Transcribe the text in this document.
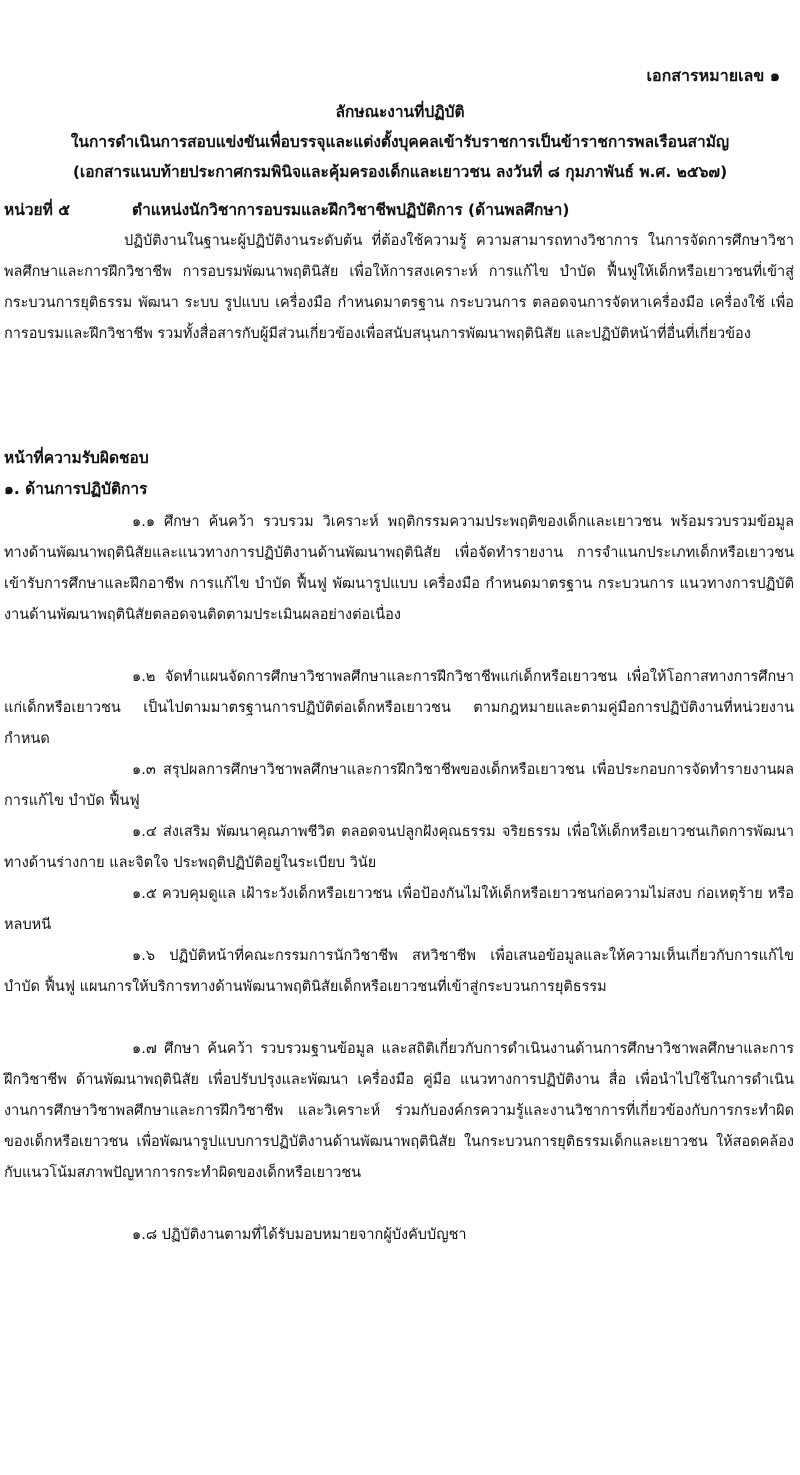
เอกสารหมายเลข ๑
ลักษณะงานที่ปฏิบัติ
ในการดำเนินการสอบแข่งขันเพื่อบรรจุและแต่งตั้งบุคคลเข้ารับราชการเป็นข้าราชการพลเรือนสามัญ
(เอกสารแนบท้ายประกาศกรมพินิจและคุ้มครองเด็กและเยาวชน ลงวันที่ ๘ กุมภาพันธ์ พ.ศ. ๒๕๖๗)
หน่วยที่ ๕	ตำแหน่งนักวิชาการอบรมและฝึกวิชาชีพปฏิบัติการ (ด้านพลศึกษา)
ปฏิบัติงานในฐานะผู้ปฏิบัติงานระดับต้น ที่ต้องใช้ความรู้ ความสามารถทางวิชาการ ในการจัดการศึกษาวิชาพลศึกษาและการฝึกวิชาชีพ การอบรมพัฒนาพฤตินิสัย เพื่อให้การสงเคราะห์ การแก้ไข บำบัด ฟื้นฟูให้เด็กหรือเยาวชนที่เข้าสู่กระบวนการยุติธรรม พัฒนา ระบบ รูปแบบ เครื่องมือ กำหนดมาตรฐาน กระบวนการ ตลอดจนการจัดหาเครื่องมือ เครื่องใช้ เพื่อการอบรมและฝึกวิชาชีพ รวมทั้งสื่อสารกับผู้มีส่วนเกี่ยวข้องเพื่อสนับสนุนการพัฒนาพฤตินิสัย และปฏิบัติหน้าที่อื่นที่เกี่ยวข้อง
หน้าที่ความรับผิดชอบ
๑. ด้านการปฏิบัติการ
๑.๑ ศึกษา ค้นคว้า รวบรวม วิเคราะห์ พฤติกรรมความประพฤติของเด็กและเยาวชน พร้อมรวบรวมข้อมูล ทางด้านพัฒนาพฤตินิสัยและแนวทางการปฏิบัติงานด้านพัฒนาพฤตินิสัย เพื่อจัดทำรายงาน การจำแนกประเภทเด็กหรือเยาวชนเข้ารับการศึกษาและฝึกอาชีพ การแก้ไข บำบัด ฟื้นฟู พัฒนารูปแบบ เครื่องมือ กำหนดมาตรฐาน กระบวนการ แนวทางการปฏิบัติงานด้านพัฒนาพฤตินิสัยตลอดจนติดตามประเมินผลอย่างต่อเนื่อง
๑.๒ จัดทำแผนจัดการศึกษาวิชาพลศึกษาและการฝึกวิชาชีพแก่เด็กหรือเยาวชน เพื่อให้โอกาสทางการศึกษาแก่เด็กหรือเยาวชน เป็นไปตามมาตรฐานการปฏิบัติต่อเด็กหรือเยาวชน ตามกฎหมายและตามคู่มือการปฏิบัติงานที่หน่วยงานกำหนด
๑.๓ สรุปผลการศึกษาวิชาพลศึกษาและการฝึกวิชาชีพของเด็กหรือเยาวชน เพื่อประกอบการจัดทำรายงานผลการแก้ไข บำบัด ฟื้นฟู
๑.๔ ส่งเสริม พัฒนาคุณภาพชีวิต ตลอดจนปลูกฝังคุณธรรม จริยธรรม เพื่อให้เด็กหรือเยาวชนเกิดการพัฒนาทางด้านร่างกาย และจิตใจ ประพฤติปฏิบัติอยู่ในระเบียบ วินัย
๑.๕ ควบคุมดูแล เฝ้าระวังเด็กหรือเยาวชน เพื่อป้องกันไม่ให้เด็กหรือเยาวชนก่อความไม่สงบ ก่อเหตุร้าย หรือหลบหนี
๑.๖ ปฏิบัติหน้าที่คณะกรรมการนักวิชาชีพ สหวิชาชีพ เพื่อเสนอข้อมูลและให้ความเห็นเกี่ยวกับการแก้ไข บำบัด ฟื้นฟู แผนการให้บริการทางด้านพัฒนาพฤตินิสัยเด็กหรือเยาวชนที่เข้าสู่กระบวนการยุติธรรม
๑.๗ ศึกษา ค้นคว้า รวบรวมฐานข้อมูล และสถิติเกี่ยวกับการดำเนินงานด้านการศึกษาวิชาพลศึกษาและการฝึกวิชาชีพ ด้านพัฒนาพฤตินิสัย เพื่อปรับปรุงและพัฒนา เครื่องมือ คู่มือ แนวทางการปฏิบัติงาน สื่อ เพื่อนำไปใช้ในการดำเนินงานการศึกษาวิชาพลศึกษาและการฝึกวิชาชีพ และวิเคราะห์ ร่วมกับองค์กรความรู้และงานวิชาการที่เกี่ยวข้องกับการกระทำผิดของเด็กหรือเยาวชน เพื่อพัฒนารูปแบบการปฏิบัติงานด้านพัฒนาพฤตินิสัย ในกระบวนการยุติธรรมเด็กและเยาวชน ให้สอดคล้องกับแนวโน้มสภาพปัญหาการกระทำผิดของเด็กหรือเยาวชน
๑.๘ ปฏิบัติงานตามที่ได้รับมอบหมายจากผู้บังคับบัญชา
